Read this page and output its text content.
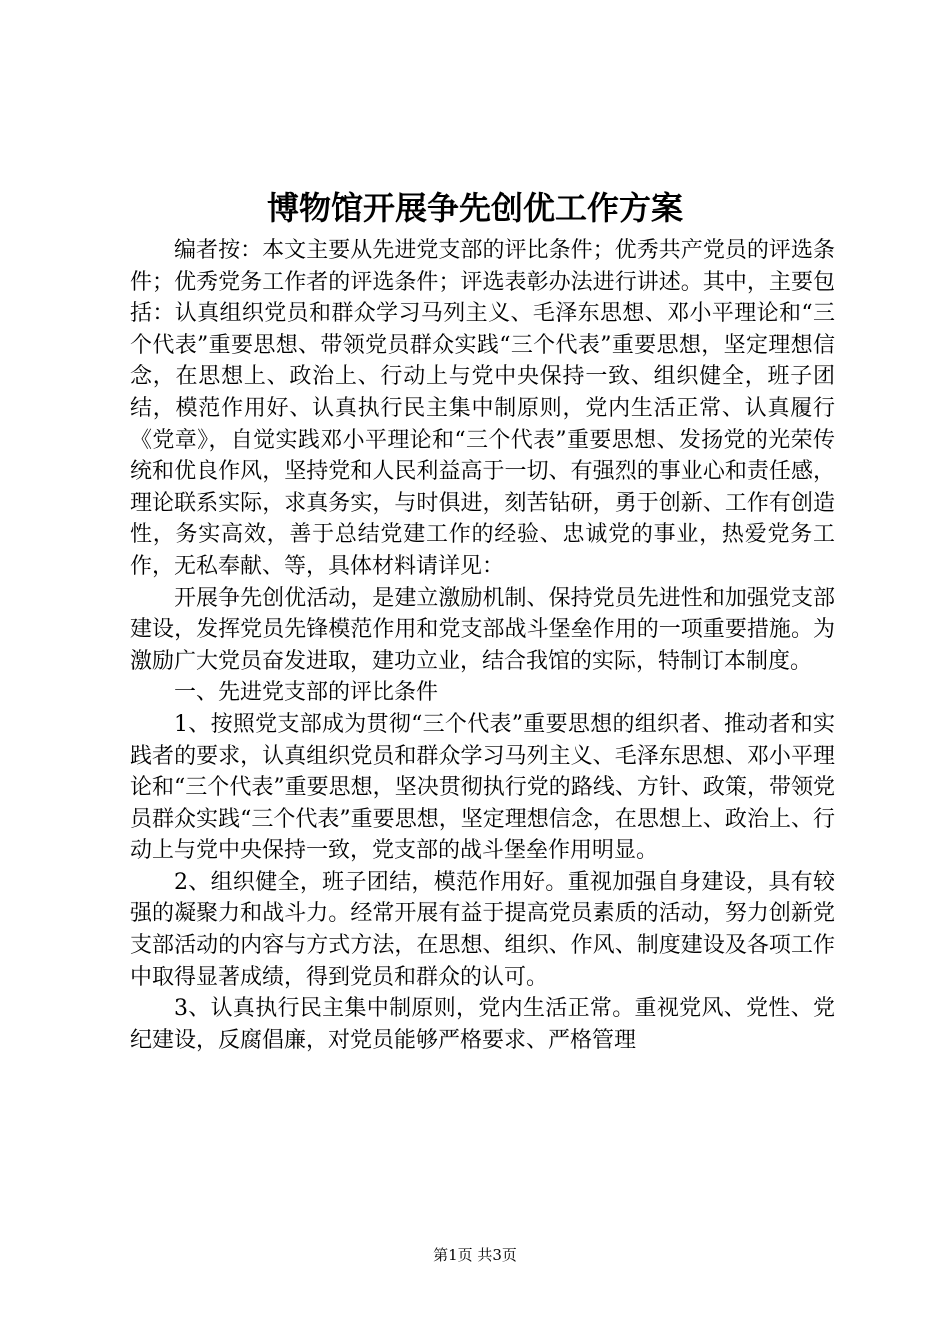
博物馆开展争先创优工作方案

编者按：本文主要从先进党支部的评比条件；优秀共产党员的评选条件；优秀党务工作者的评选条件；评选表彰办法进行讲述。其中，主要包括：认真组织党员和群众学习马列主义、毛泽东思想、邓小平理论和“三个代表”重要思想、带领党员群众实践“三个代表”重要思想，坚定理想信念，在思想上、政治上、行动上与党中央保持一致、组织健全，班子团结，模范作用好、认真执行民主集中制原则，党内生活正常、认真履行《党章》，自觉实践邓小平理论和“三个代表”重要思想、发扬党的光荣传统和优良作风，坚持党和人民利益高于一切、有强烈的事业心和责任感，理论联系实际，求真务实，与时俱进，刻苦钻研，勇于创新、工作有创造性，务实高效，善于总结党建工作的经验、忠诚党的事业，热爱党务工作，无私奉献、等，具体材料请详见：

开展争先创优活动，是建立激励机制、保持党员先进性和加强党支部建设，发挥党员先锋模范作用和党支部战斗堡垒作用的一项重要措施。为激励广大党员奋发进取，建功立业，结合我馆的实际，特制订本制度。

一、先进党支部的评比条件

1、按照党支部成为贯彻“三个代表”重要思想的组织者、推动者和实践者的要求，认真组织党员和群众学习马列主义、毛泽东思想、邓小平理论和“三个代表”重要思想，坚决贯彻执行党的路线、方针、政策，带领党员群众实践“三个代表”重要思想，坚定理想信念，在思想上、政治上、行动上与党中央保持一致，党支部的战斗堡垒作用明显。

2、组织健全，班子团结，模范作用好。重视加强自身建设，具有较强的凝聚力和战斗力。经常开展有益于提高党员素质的活动，努力创新党支部活动的内容与方式方法，在思想、组织、作风、制度建设及各项工作中取得显著成绩，得到党员和群众的认可。

3、认真执行民主集中制原则，党内生活正常。重视党风、党性、党纪建设，反腐倡廉，对党员能够严格要求、严格管理

第1页 共3页
